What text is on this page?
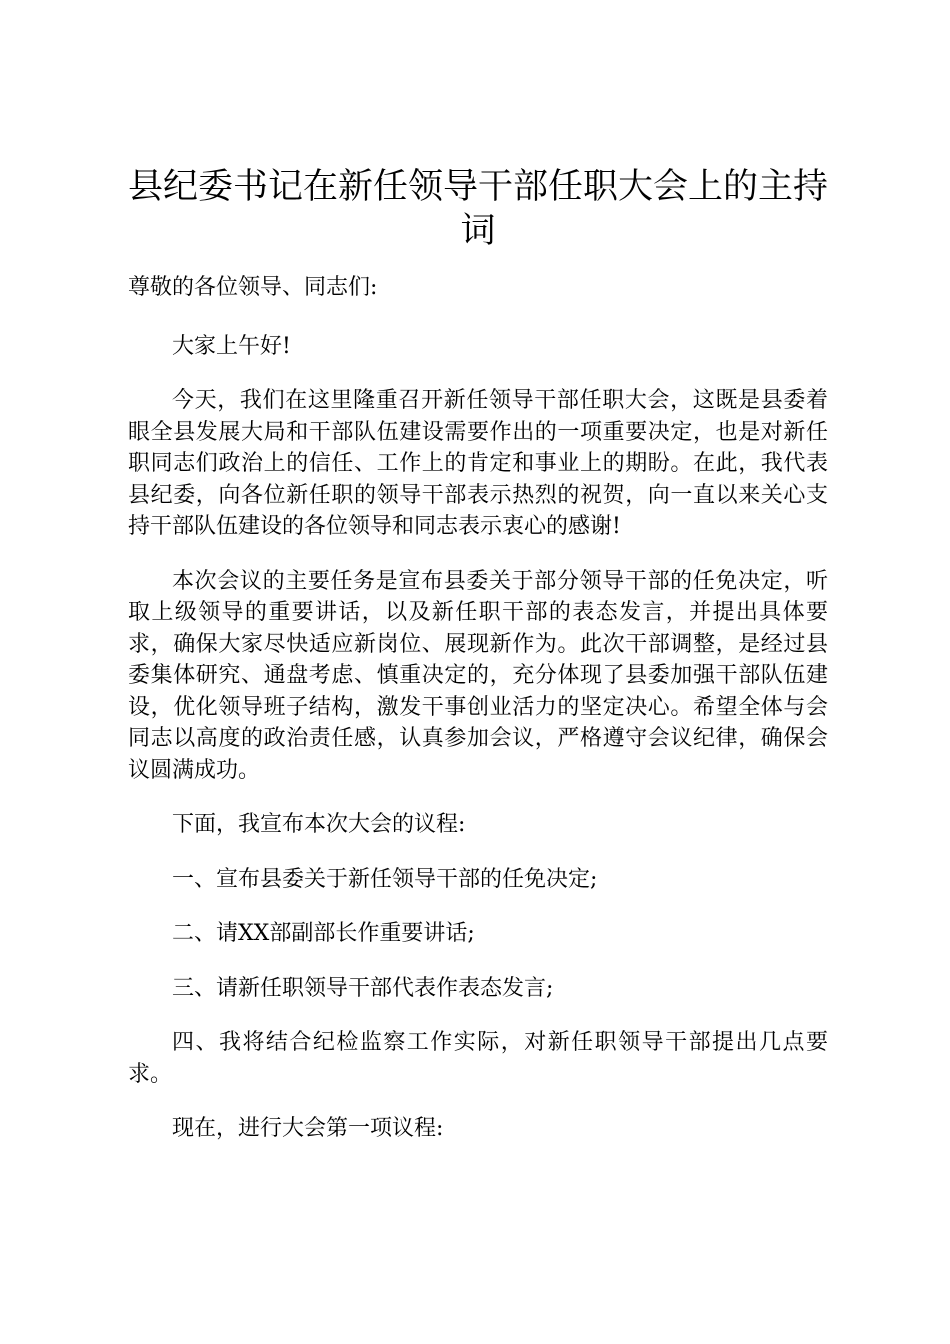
县纪委书记在新任领导干部任职大会上的主持词

尊敬的各位领导、同志们:

大家上午好!

今天，我们在这里隆重召开新任领导干部任职大会，这既是县委着眼全县发展大局和干部队伍建设需要作出的一项重要决定，也是对新任职同志们政治上的信任、工作上的肯定和事业上的期盼。在此，我代表县纪委，向各位新任职的领导干部表示热烈的祝贺，向一直以来关心支持干部队伍建设的各位领导和同志表示衷心的感谢!

本次会议的主要任务是宣布县委关于部分领导干部的任免决定，听取上级领导的重要讲话，以及新任职干部的表态发言，并提出具体要求，确保大家尽快适应新岗位、展现新作为。此次干部调整，是经过县委集体研究、通盘考虑、慎重决定的，充分体现了县委加强干部队伍建设，优化领导班子结构，激发干事创业活力的坚定决心。希望全体与会同志以高度的政治责任感，认真参加会议，严格遵守会议纪律，确保会议圆满成功。

下面，我宣布本次大会的议程:

一、宣布县委关于新任领导干部的任免决定;

二、请XX部副部长作重要讲话;

三、请新任职领导干部代表作表态发言;

四、我将结合纪检监察工作实际，对新任职领导干部提出几点要求。

现在，进行大会第一项议程:
